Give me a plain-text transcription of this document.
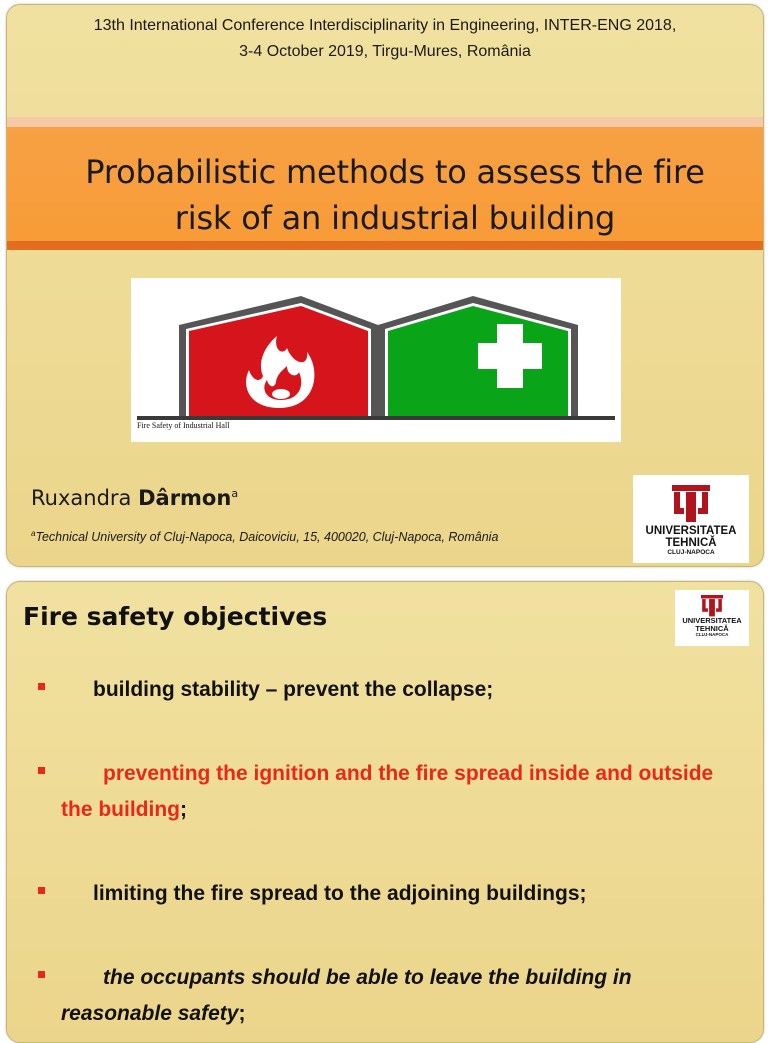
13th International Conference Interdisciplinarity in Engineering, INTER-ENG 2018,
3-4 October 2019, Tirgu-Mures, România
Probabilistic methods to assess the fire
risk of an industrial building
Fire Safety of Industrial Hall
Ruxandra Dârmon$^a$
$^a$Technical University of Cluj-Napoca, Daicoviciu, 15, 400020, Cluj-Napoca, România	UNIVERSITATEA
TEHNICĂ
CLUJ-NAPOCA
Fire safety objectives	UNIVERSITATEA
TEHNICĂ
CLUJ-NAPOCA
building stability – prevent the collapse;
preventing the ignition and the fire spread inside and outside the building;
limiting the fire spread to the adjoining buildings;
the occupants should be able to leave the building in reasonable safety;
